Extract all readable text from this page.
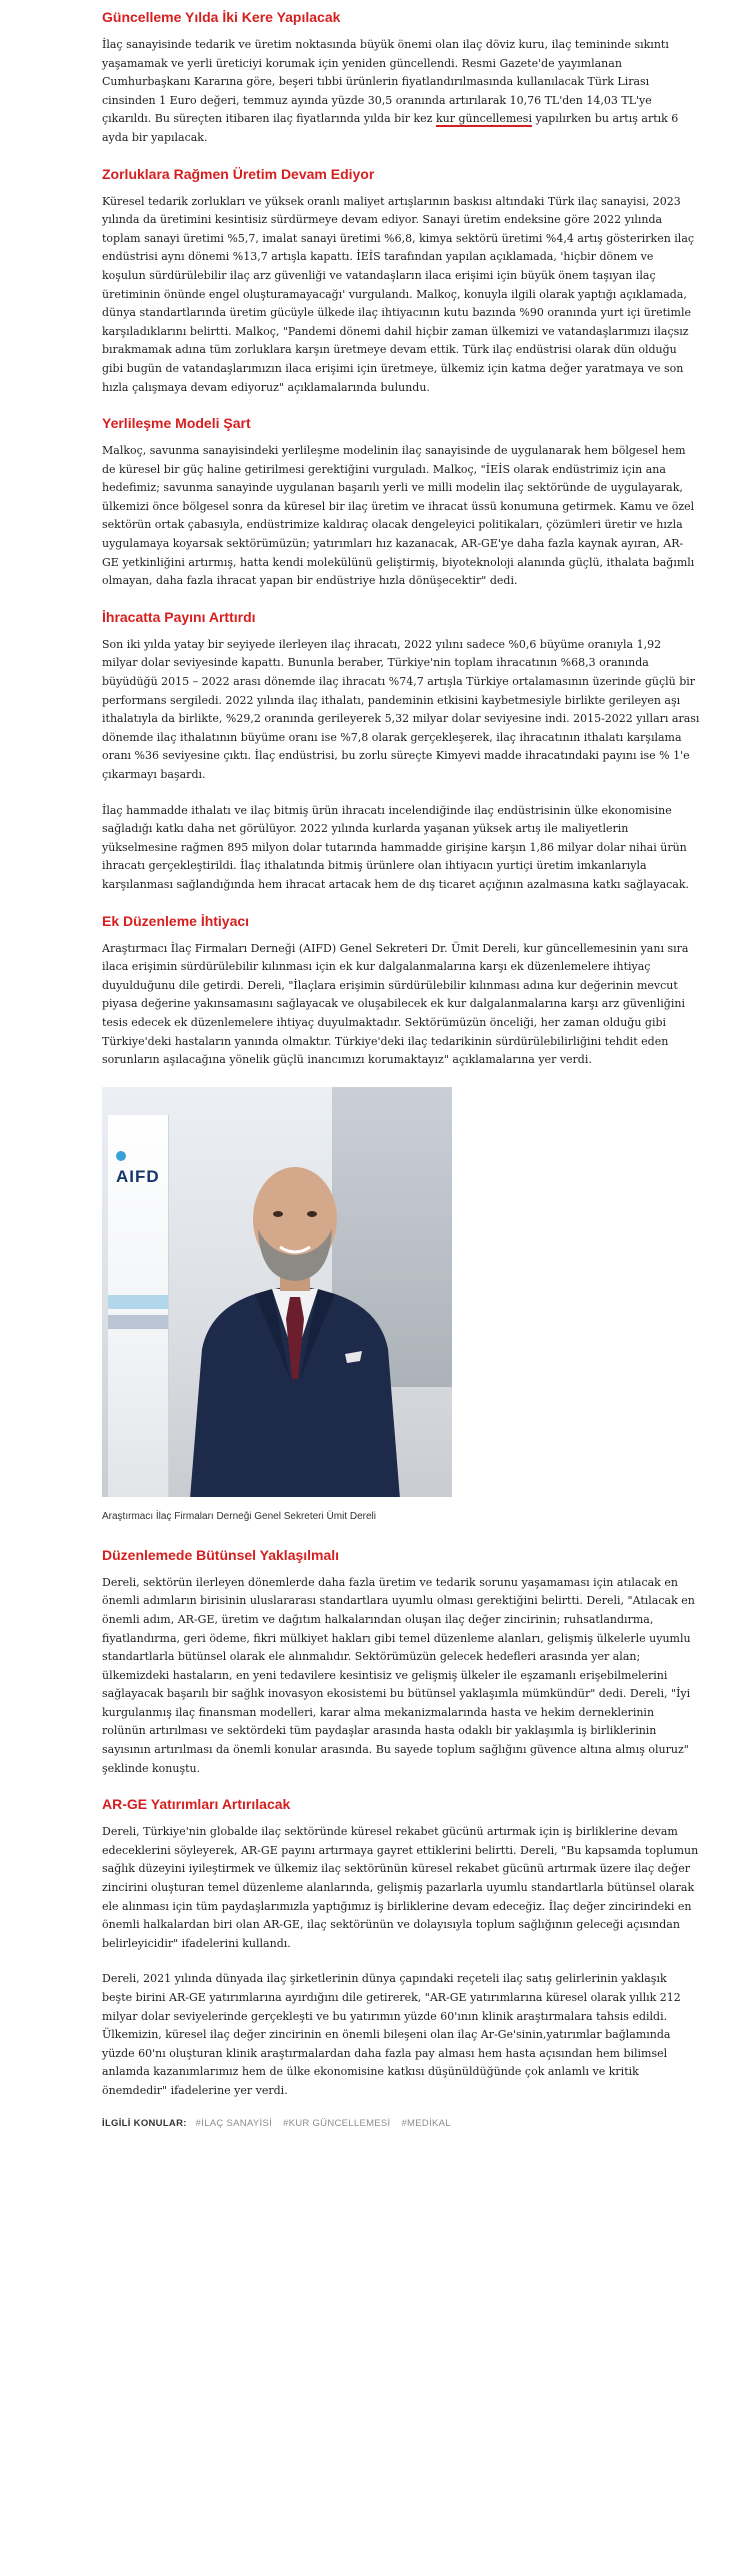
Güncelleme Yılda İki Kere Yapılacak

İlaç sanayisinde tedarik ve üretim noktasında büyük önemi olan ilaç döviz kuru, ilaç temininde sıkıntı yaşamamak ve yerli üreticiyi korumak için yeniden güncellendi. Resmi Gazete'de yayımlanan Cumhurbaşkanı Kararına göre, beşeri tıbbi ürünlerin fiyatlandırılmasında kullanılacak Türk Lirası cinsinden 1 Euro değeri, temmuz ayında yüzde 30,5 oranında artırılarak 10,76 TL'den 14,03 TL'ye çıkarıldı. Bu süreçten itibaren ilaç fiyatlarında yılda bir kez kur güncellemesi yapılırken bu artış artık 6 ayda bir yapılacak.

Zorluklara Rağmen Üretim Devam Ediyor

Küresel tedarik zorlukları ve yüksek oranlı maliyet artışlarının baskısı altındaki Türk ilaç sanayisi, 2023 yılında da üretimini kesintisiz sürdürmeye devam ediyor. Sanayi üretim endeksine göre 2022 yılında toplam sanayi üretimi %5,7, imalat sanayi üretimi %6,8, kimya sektörü üretimi %4,4 artış gösterirken ilaç endüstrisi aynı dönemi %13,7 artışla kapattı. İEİS tarafından yapılan açıklamada, 'hiçbir dönem ve koşulun sürdürülebilir ilaç arz güvenliği ve vatandaşların ilaca erişimi için büyük önem taşıyan ilaç üretiminin önünde engel oluşturamayacağı' vurgulandı. Malkoç, konuyla ilgili olarak yaptığı açıklamada, dünya standartlarında üretim gücüyle ülkede ilaç ihtiyacının kutu bazında %90 oranında yurt içi üretimle karşıladıklarını belirtti. Malkoç, "Pandemi dönemi dahil hiçbir zaman ülkemizi ve vatandaşlarımızı ilaçsız bırakmamak adına tüm zorluklara karşın üretmeye devam ettik. Türk ilaç endüstrisi olarak dün olduğu gibi bugün de vatandaşlarımızın ilaca erişimi için üretmeye, ülkemiz için katma değer yaratmaya ve son hızla çalışmaya devam ediyoruz" açıklamalarında bulundu.

Yerlileşme Modeli Şart

Malkoç, savunma sanayisindeki yerlileşme modelinin ilaç sanayisinde de uygulanarak hem bölgesel hem de küresel bir güç haline getirilmesi gerektiğini vurguladı. Malkoç, "İEİS olarak endüstrimiz için ana hedefimiz; savunma sanayinde uygulanan başarılı yerli ve milli modelin ilaç sektöründe de uygulayarak, ülkemizi önce bölgesel sonra da küresel bir ilaç üretim ve ihracat üssü konumuna getirmek. Kamu ve özel sektörün ortak çabasıyla, endüstrimize kaldıraç olacak dengeleyici politikaları, çözümleri üretir ve hızla uygulamaya koyarsak sektörümüzün; yatırımları hız kazanacak, AR-GE'ye daha fazla kaynak ayıran, AR-GE yetkinliğini artırmış, hatta kendi molekülünü geliştirmiş, biyoteknoloji alanında güçlü, ithalata bağımlı olmayan, daha fazla ihracat yapan bir endüstriye hızla dönüşecektir" dedi.

İhracatta Payını Arttırdı

Son iki yılda yatay bir seyiyede ilerleyen ilaç ihracatı, 2022 yılını sadece %0,6 büyüme oranıyla 1,92 milyar dolar seviyesinde kapattı. Bununla beraber, Türkiye'nin toplam ihracatının %68,3 oranında büyüdüğü 2015 – 2022 arası dönemde ilaç ihracatı %74,7 artışla Türkiye ortalamasının üzerinde güçlü bir performans sergiledi. 2022 yılında ilaç ithalatı, pandeminin etkisini kaybetmesiyle birlikte gerileyen aşı ithalatıyla da birlikte, %29,2 oranında gerileyerek 5,32 milyar dolar seviyesine indi. 2015-2022 yılları arası dönemde ilaç ithalatının büyüme oranı ise %7,8 olarak gerçekleşerek, ilaç ihracatının ithalatı karşılama oranı %36 seviyesine çıktı. İlaç endüstrisi, bu zorlu süreçte Kimyevi madde ihracatındaki payını ise % 1'e çıkarmayı başardı.

İlaç hammadde ithalatı ve ilaç bitmiş ürün ihracatı incelendiğinde ilaç endüstrisinin ülke ekonomisine sağladığı katkı daha net görülüyor. 2022 yılında kurlarda yaşanan yüksek artış ile maliyetlerin yükselmesine rağmen 895 milyon dolar tutarında hammadde girişine karşın 1,86 milyar dolar nihai ürün ihracatı gerçekleştirildi. İlaç ithalatında bitmiş ürünlere olan ihtiyacın yurtiçi üretim imkanlarıyla karşılanması sağlandığında hem ihracat artacak hem de dış ticaret açığının azalmasına katkı sağlayacak.

Ek Düzenleme İhtiyacı

Araştırmacı İlaç Firmaları Derneği (AIFD) Genel Sekreteri Dr. Ümit Dereli, kur güncellemesinin yanı sıra ilaca erişimin sürdürülebilir kılınması için ek kur dalgalanmalarına karşı ek düzenlemelere ihtiyaç duyulduğunu dile getirdi. Dereli, "İlaçlara erişimin sürdürülebilir kılınması adına kur değerinin mevcut piyasa değerine yakınsamasını sağlayacak ve oluşabilecek ek kur dalgalanmalarına karşı arz güvenliğini tesis edecek ek düzenlemelere ihtiyaç duyulmaktadır. Sektörümüzün önceliği, her zaman olduğu gibi Türkiye'deki hastaların yanında olmaktır. Türkiye'deki ilaç tedarikinin sürdürülebilirliğini tehdit eden sorunların aşılacağına yönelik güçlü inancımızı korumaktayız" açıklamalarına yer verdi.

AIFD
Araştırmacı İlaç Firmaları Derneği Genel Sekreteri Ümit Dereli
Düzenlemede Bütünsel Yaklaşılmalı

Dereli, sektörün ilerleyen dönemlerde daha fazla üretim ve tedarik sorunu yaşamaması için atılacak en önemli adımların birisinin uluslararası standartlara uyumlu olması gerektiğini belirtti. Dereli, "Atılacak en önemli adım, AR-GE, üretim ve dağıtım halkalarından oluşan ilaç değer zincirinin; ruhsatlandırma, fiyatlandırma, geri ödeme, fikri mülkiyet hakları gibi temel düzenleme alanları, gelişmiş ülkelerle uyumlu standartlarla bütünsel olarak ele alınmalıdır. Sektörümüzün gelecek hedefleri arasında yer alan; ülkemizdeki hastaların, en yeni tedavilere kesintisiz ve gelişmiş ülkeler ile eşzamanlı erişebilmelerini sağlayacak başarılı bir sağlık inovasyon ekosistemi bu bütünsel yaklaşımla mümkündür" dedi. Dereli, "İyi kurgulanmış ilaç finansman modelleri, karar alma mekanizmalarında hasta ve hekim derneklerinin rolünün artırılması ve sektördeki tüm paydaşlar arasında hasta odaklı bir yaklaşımla iş birliklerinin sayısının artırılması da önemli konular arasında. Bu sayede toplum sağlığını güvence altına almış oluruz" şeklinde konuştu.

AR-GE Yatırımları Artırılacak

Dereli, Türkiye'nin globalde ilaç sektöründe küresel rekabet gücünü artırmak için iş birliklerine devam edeceklerini söyleyerek, AR-GE payını artırmaya gayret ettiklerini belirtti. Dereli, "Bu kapsamda toplumun sağlık düzeyini iyileştirmek ve ülkemiz ilaç sektörünün küresel rekabet gücünü artırmak üzere ilaç değer zincirini oluşturan temel düzenleme alanlarında, gelişmiş pazarlarla uyumlu standartlarla bütünsel olarak ele alınması için tüm paydaşlarımızla yaptığımız iş birliklerine devam edeceğiz. İlaç değer zincirindeki en önemli halkalardan biri olan AR-GE, ilaç sektörünün ve dolayısıyla toplum sağlığının geleceği açısından belirleyicidir" ifadelerini kullandı.

Dereli, 2021 yılında dünyada ilaç şirketlerinin dünya çapındaki reçeteli ilaç satış gelirlerinin yaklaşık beşte birini AR-GE yatırımlarına ayırdığını dile getirerek, "AR-GE yatırımlarına küresel olarak yıllık 212 milyar dolar seviyelerinde gerçekleşti ve bu yatırımın yüzde 60'ının klinik araştırmalara tahsis edildi. Ülkemizin, küresel ilaç değer zincirinin en önemli bileşeni olan ilaç Ar-Ge'sinin,yatırımlar bağlamında yüzde 60'nı oluşturan klinik araştırmalardan daha fazla pay alması hem hasta açısından hem bilimsel anlamda kazanımlarımız hem de ülke ekonomisine katkısı düşünüldüğünde çok anlamlı ve kritik önemdedir" ifadelerine yer verdi.

İLGİLİ KONULAR: #İLAÇ SANAYİSİ #KUR GÜNCELLEMESİ #MEDİKAL
